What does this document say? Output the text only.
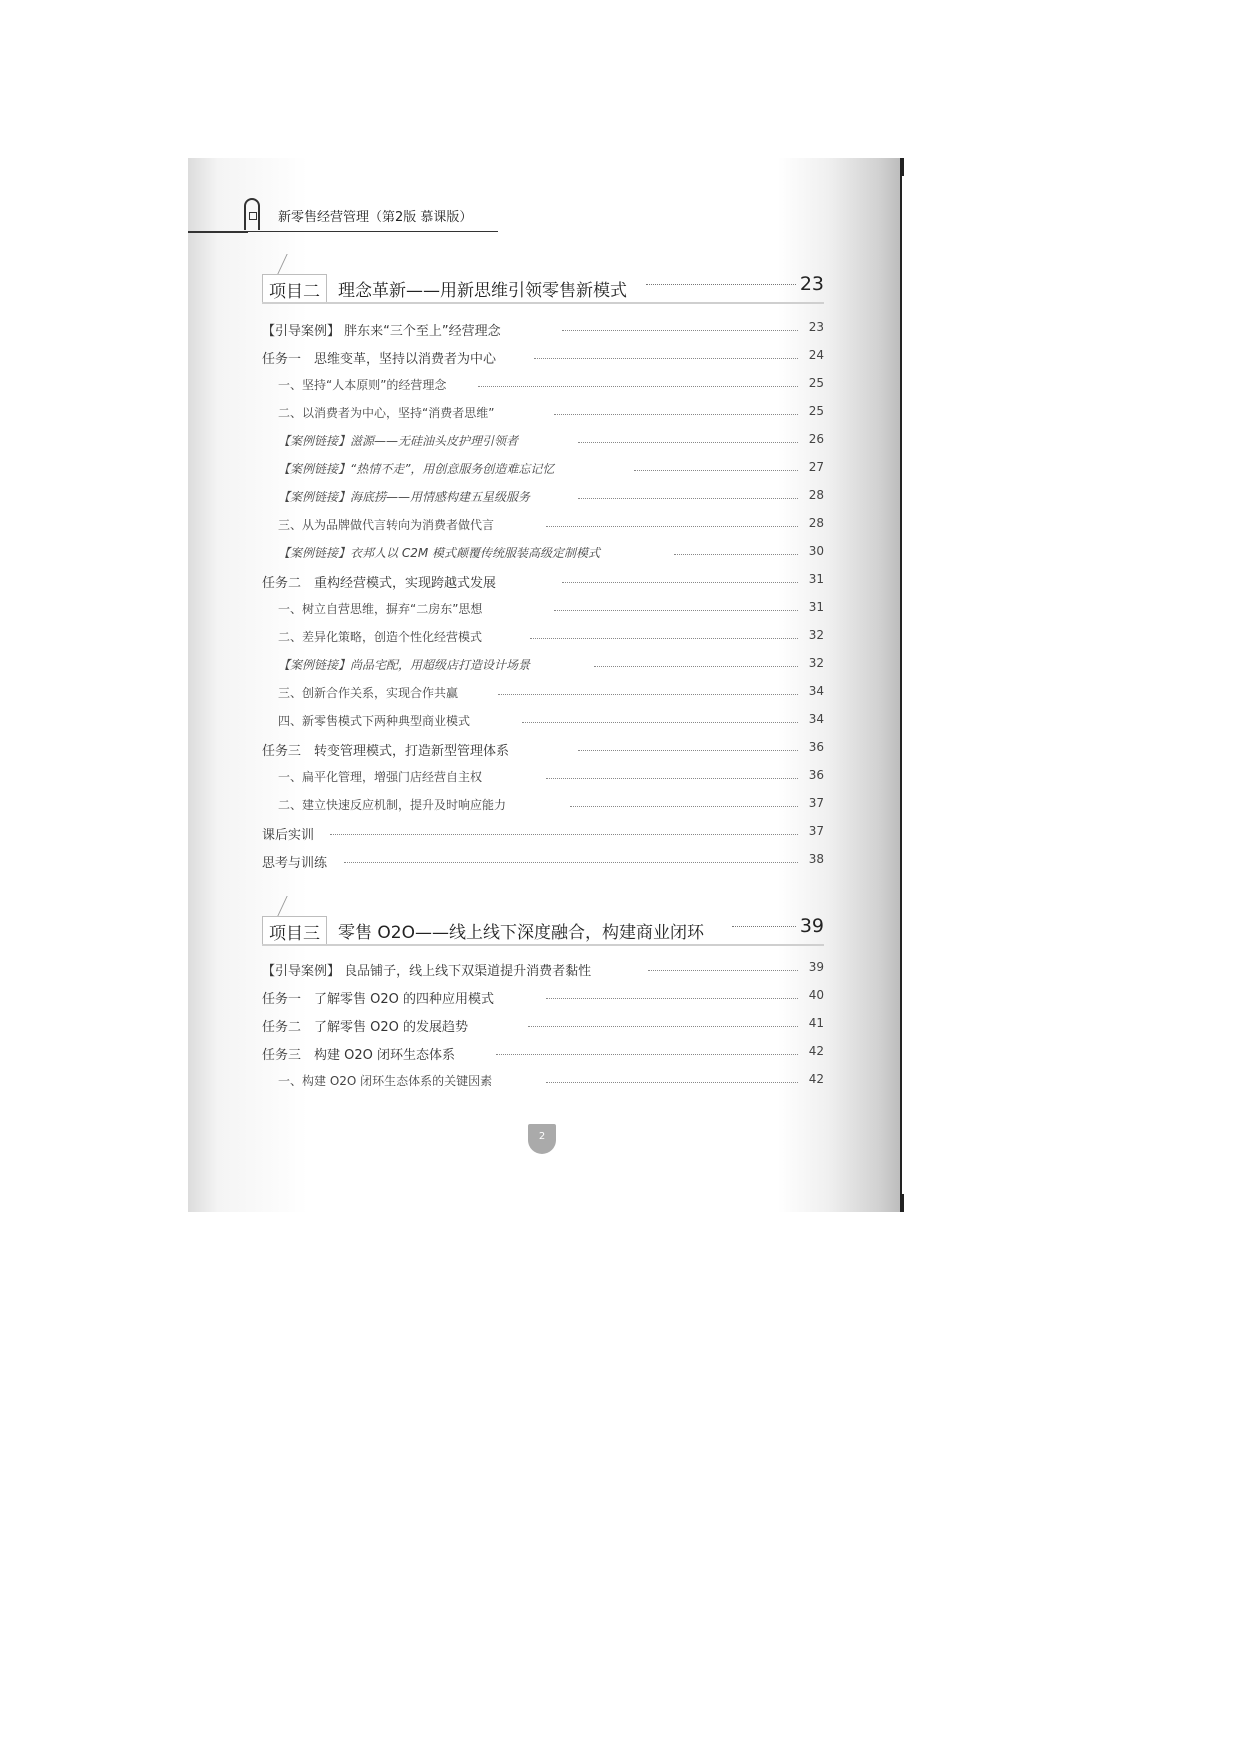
新零售经营管理（第2版 慕课版）
项目二	理念革新——用新思维引领零售新模式	23
【引导案例】 胖东来“三个至上”经营理念	23
任务一　思维变革，坚持以消费者为中心	24
一、坚持“人本原则”的经营理念	25
二、以消费者为中心，坚持“消费者思维”	25
【案例链接】滋源——无硅油头皮护理引领者	26
【案例链接】“热情不走”，用创意服务创造难忘记忆	27
【案例链接】海底捞——用情感构建五星级服务	28
三、从为品牌做代言转向为消费者做代言	28
【案例链接】衣邦人以 C2M 模式颠覆传统服装高级定制模式	30
任务二　重构经营模式，实现跨越式发展	31
一、树立自营思维，摒弃“二房东”思想	31
二、差异化策略，创造个性化经营模式	32
【案例链接】尚品宅配，用超级店打造设计场景	32
三、创新合作关系，实现合作共赢	34
四、新零售模式下两种典型商业模式	34
任务三　转变管理模式，打造新型管理体系	36
一、扁平化管理，增强门店经营自主权	36
二、建立快速反应机制，提升及时响应能力	37
课后实训	37
思考与训练	38
项目三	零售 O2O——线上线下深度融合，构建商业闭环	39
【引导案例】 良品铺子，线上线下双渠道提升消费者黏性	39
任务一　了解零售 O2O 的四种应用模式	40
任务二　了解零售 O2O 的发展趋势	41
任务三　构建 O2O 闭环生态体系	42
一、构建 O2O 闭环生态体系的关键因素	42
2
